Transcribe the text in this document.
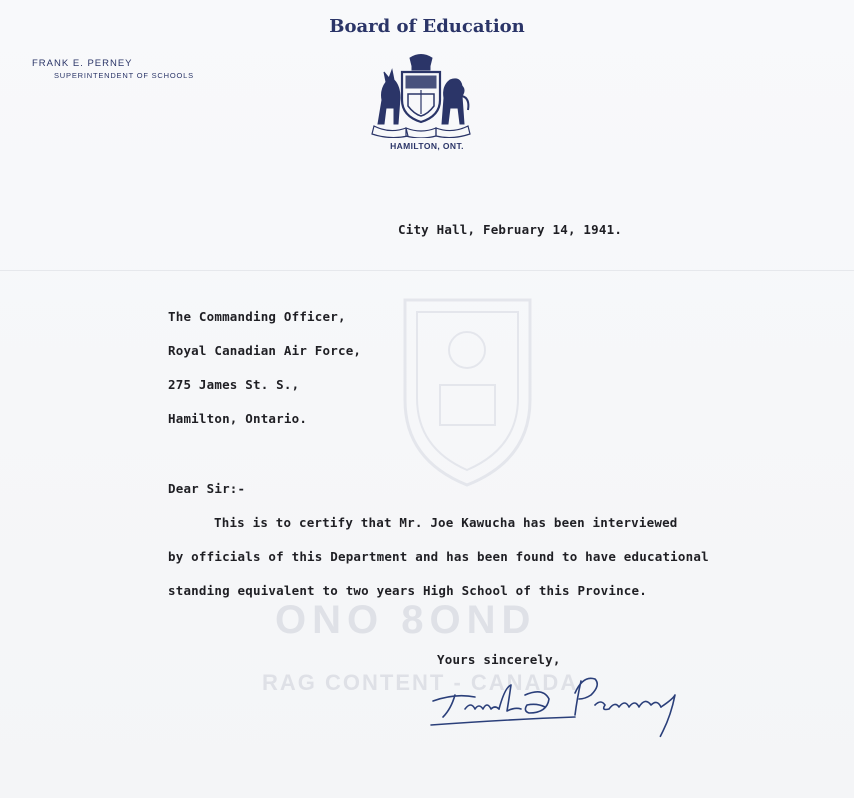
ONO 8OND
RAG CONTENT - CANADA
Board of Education
FRANK E. PERNEY
SUPERINTENDENT OF SCHOOLS
HAMILTON, ONT.
City Hall, February 14, 1941.
The Commanding Officer,
Royal Canadian Air Force,
275 James St. S.,
Hamilton, Ontario.
Dear Sir:-
This is to certify that Mr. Joe Kawucha has been interviewed
by officials of this Department and has been found to have educational
standing equivalent to two years High School of this Province.
Yours sincerely,
